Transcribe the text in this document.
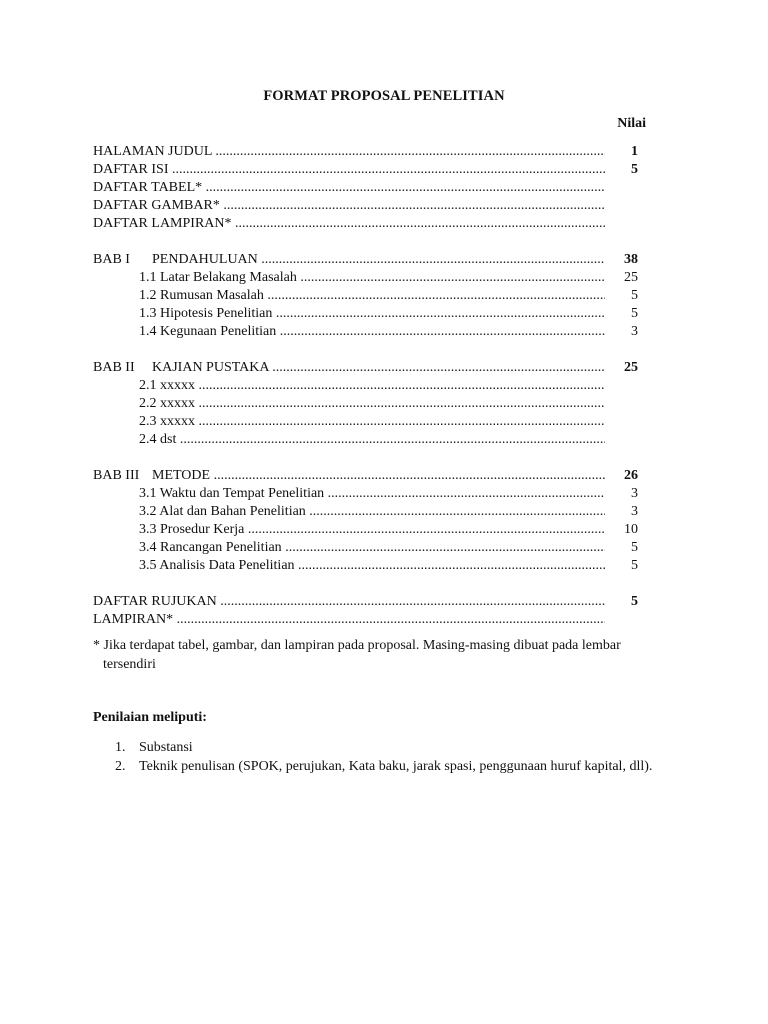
FORMAT PROPOSAL PENELITIAN
Nilai
HALAMAN JUDUL .....	1
DAFTAR ISI .....	5
DAFTAR TABEL* .....
DAFTAR GAMBAR* .....
DAFTAR LAMPIRAN* .....
BAB I PENDAHULUAN .....	38
1.1 Latar Belakang Masalah .....	25
1.2 Rumusan Masalah .....	5
1.3 Hipotesis Penelitian .....	5
1.4 Kegunaan Penelitian .....	3
BAB II KAJIAN PUSTAKA .....	25
2.1 xxxxx .....
2.2 xxxxx .....
2.3 xxxxx .....
2.4 dst .....
BAB III METODE .....	26
3.1 Waktu dan Tempat Penelitian .....	3
3.2 Alat dan Bahan Penelitian .....	3
3.3 Prosedur Kerja .....	10
3.4 Rancangan Penelitian .....	5
3.5 Analisis Data Penelitian .....	5
DAFTAR RUJUKAN .....	5
LAMPIRAN* .....
* Jika terdapat tabel, gambar, dan lampiran pada proposal. Masing-masing dibuat pada lembar
tersendiri
Penilaian meliputi:
1. Substansi
2. Teknik penulisan (SPOK, perujukan, Kata baku, jarak spasi, penggunaan huruf kapital, dll).
